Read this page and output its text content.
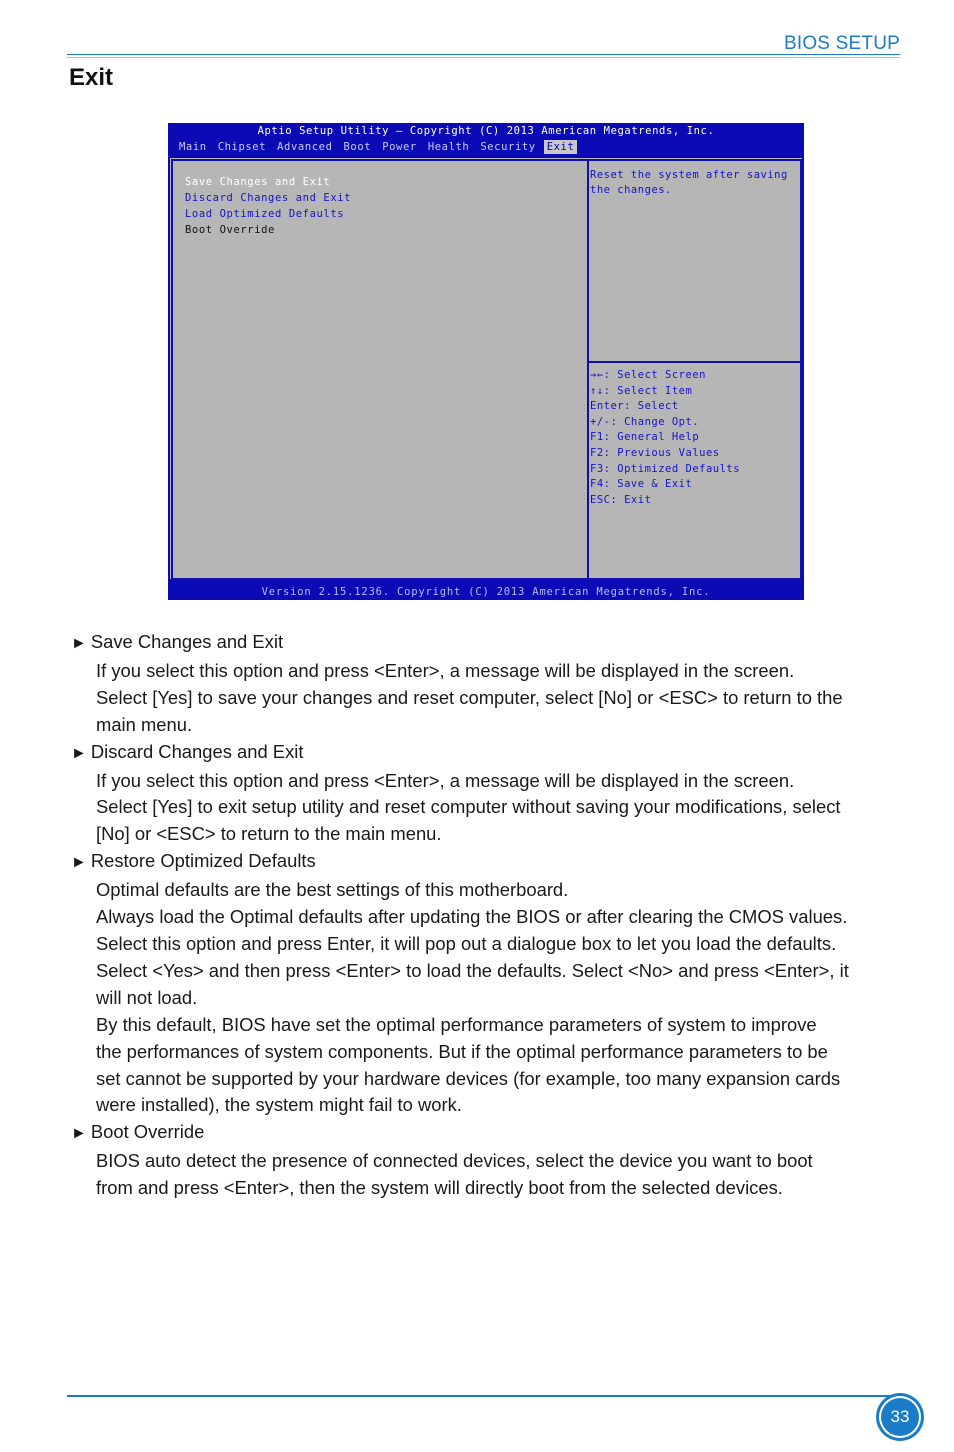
BIOS SETUP
Exit
Aptio Setup Utility – Copyright (C) 2013 American Megatrends, Inc.
Main Chipset Advanced Boot Power Health Security Exit
Save Changes and Exit
Discard Changes and Exit
Load Optimized Defaults
Boot Override
Reset the system after saving the changes.
→←: Select Screen
↑↓: Select Item
Enter: Select
+/-: Change Opt.
F1: General Help
F2: Previous Values
F3: Optimized Defaults
F4: Save & Exit
ESC: Exit
Version 2.15.1236. Copyright (C) 2013 American Megatrends, Inc.
► Save Changes and Exit
If you select this option and press <Enter>, a message will be displayed in the screen.
Select [Yes] to save your changes and reset computer, select [No] or <ESC> to return to the
main menu.
► Discard Changes and Exit
If you select this option and press <Enter>, a message will be displayed in the screen.
Select [Yes] to exit setup utility and reset computer without saving your modifications, select
[No] or <ESC> to return to the main menu.
► Restore Optimized Defaults
Optimal defaults are the best settings of this motherboard.
Always load the Optimal defaults after updating the BIOS or after clearing the CMOS values.
Select this option and press Enter, it will pop out a dialogue box to let you load the defaults.
Select <Yes> and then press <Enter> to load the defaults. Select <No> and press <Enter>, it
will not load.
By this default, BIOS have set the optimal performance parameters of system to improve
the performances of system components. But if the optimal performance parameters to be
set cannot be supported by your hardware devices (for example, too many expansion cards
were installed), the system might fail to work.
► Boot Override
BIOS auto detect the presence of connected devices, select the device you want to boot
from and press <Enter>, then the system will directly boot from the selected devices.
33
